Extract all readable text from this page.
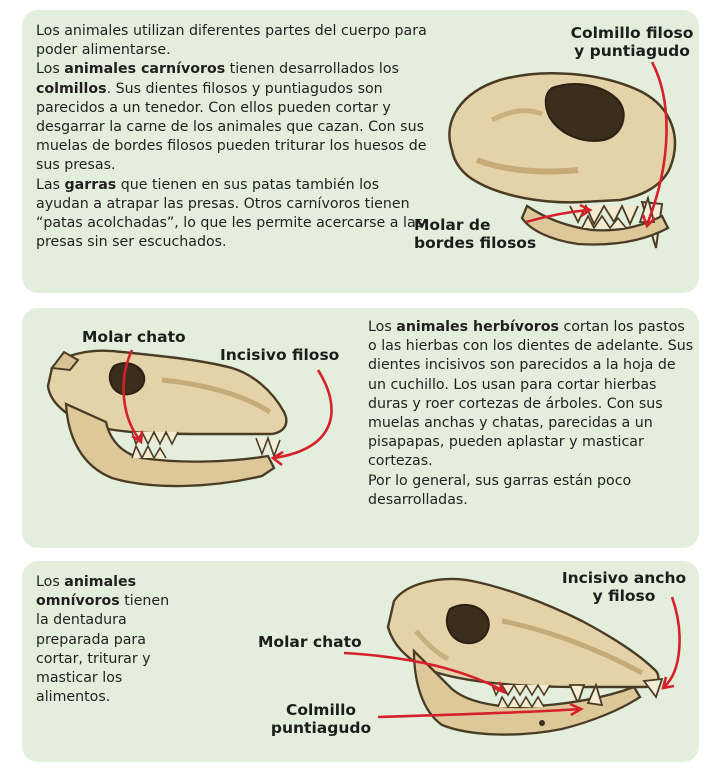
Los animales utilizan diferentes partes del cuerpo para poder alimentarse.

Los animales carnívoros tienen desarrollados los colmillos. Sus dientes filosos y puntiagudos son parecidos a un tenedor. Con ellos pueden cortar y desgarrar la carne de los animales que cazan. Con sus muelas de bordes filosos pueden triturar los huesos de sus presas.

Las garras que tienen en sus patas también los ayudan a atrapar las presas. Otros carnívoros tienen “patas acolchadas”, lo que les permite acercarse a las presas sin ser escuchados.

Colmillo filoso
y puntiagudo
Molar de
bordes filosos
Molar chato
Incisivo filoso

Los animales herbívoros cortan los pastos o las hierbas con los dientes de adelante. Sus dientes incisivos son parecidos a la hoja de un cuchillo. Los usan para cortar hierbas duras y roer cortezas de árboles. Con sus muelas anchas y chatas, parecidas a un pisapapas, pueden aplastar y masticar cortezas.

Por lo general, sus garras están poco desarrolladas.

Los animales omnívoros tienen la dentadura preparada para cortar, triturar y masticar los alimentos.

Incisivo ancho
y filoso
Molar chato
Colmillo
puntiagudo
